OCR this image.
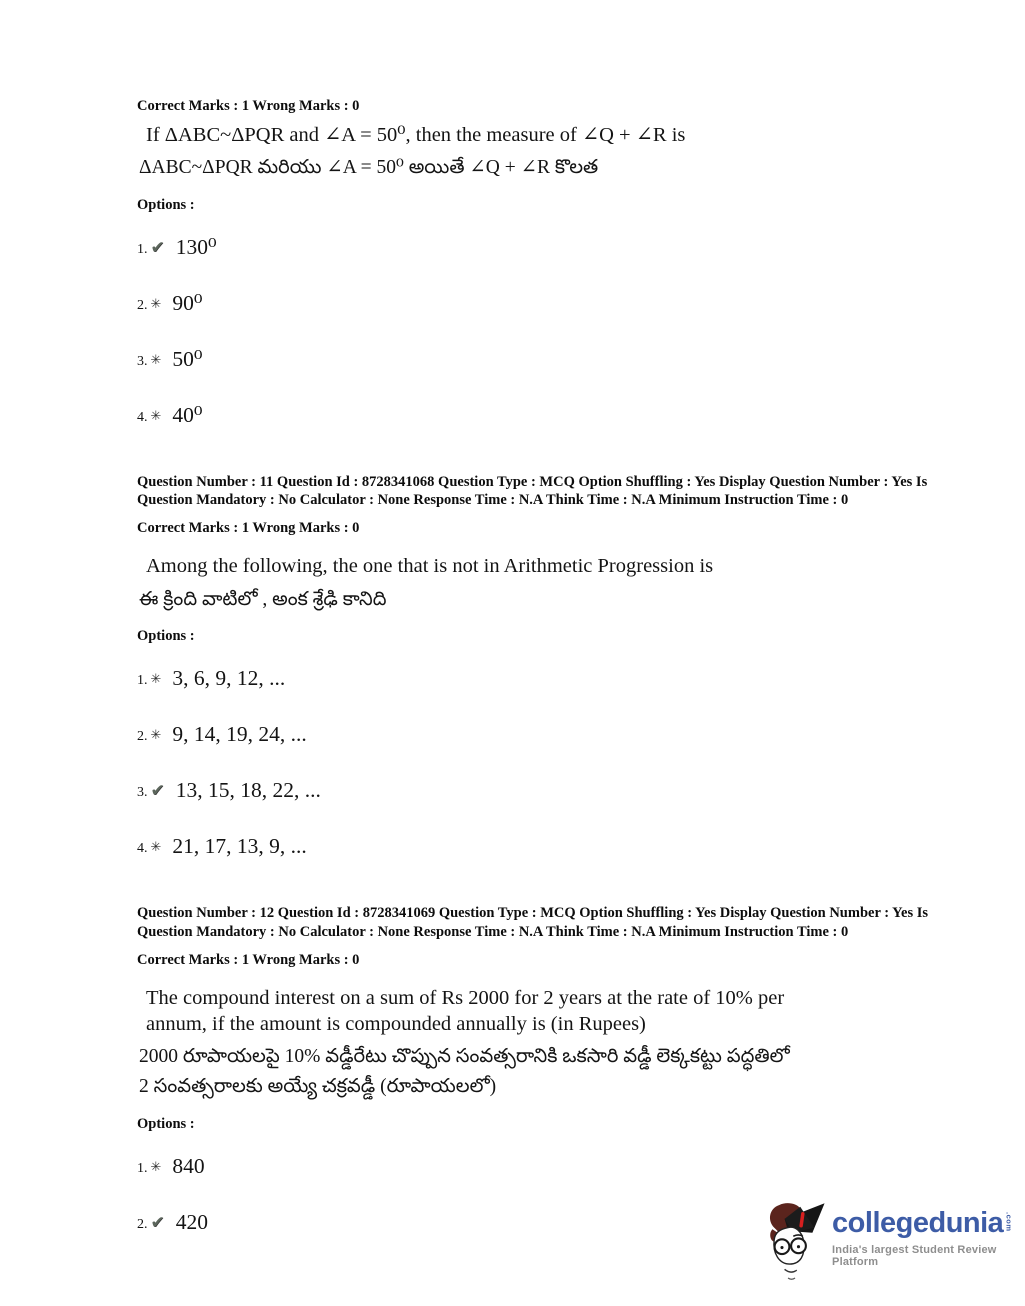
Correct Marks : 1 Wrong Marks : 0

If ΔABC~ΔPQR and ∠A = 50⁰, then the measure of ∠Q + ∠R is

ΔABC~ΔPQR మరియు ∠A = 50⁰ అయితే ∠Q + ∠R కొలత

Options :
1. ✔ 130⁰
2. ✳ 90⁰
3. ✳ 50⁰
4. ✳ 40⁰
Question Number : 11 Question Id : 8728341068 Question Type : MCQ Option Shuffling : Yes Display Question Number : Yes Is Question Mandatory : No Calculator : None Response Time : N.A Think Time : N.A Minimum Instruction Time : 0
Correct Marks : 1 Wrong Marks : 0

Among the following, the one that is not in Arithmetic Progression is

ఈ క్రింది వాటిలో , అంక శ్రేఢి కానిది

Options :
1. ✳ 3, 6, 9, 12, ...
2. ✳ 9, 14, 19, 24, ...
3. ✔ 13, 15, 18, 22, ...
4. ✳ 21, 17, 13, 9, ...
Question Number : 12 Question Id : 8728341069 Question Type : MCQ Option Shuffling : Yes Display Question Number : Yes Is Question Mandatory : No Calculator : None Response Time : N.A Think Time : N.A Minimum Instruction Time : 0
Correct Marks : 1 Wrong Marks : 0

The compound interest on a sum of Rs 2000 for 2 years at the rate of 10% per annum, if the amount is compounded annually is (in Rupees)

2000 రూపాయలపై 10% వడ్డీరేటు చొప్పున సంవత్సరానికి ఒకసారి వడ్డీ లెక్కకట్టు పద్ధతిలో 2 సంవత్సరాలకు అయ్యే చక్రవడ్డీ (రూపాయలలో)

Options :
1. ✳ 840
2. ✔ 420	collegedunia .com
India's largest Student Review Platform
